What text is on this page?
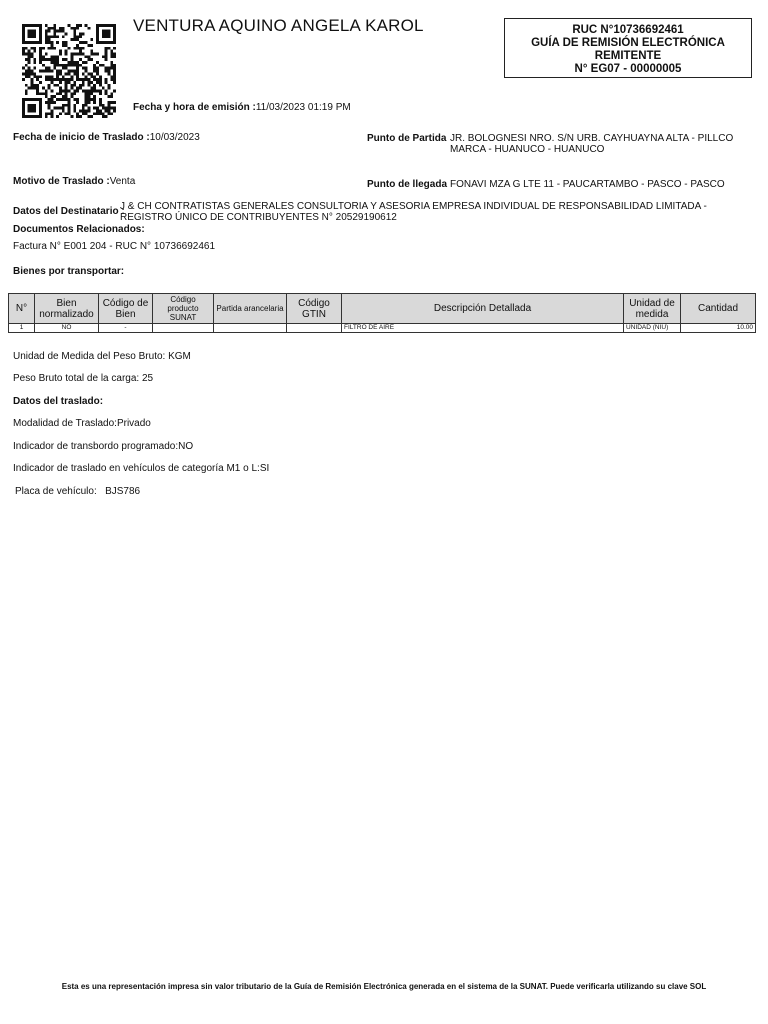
VENTURA AQUINO ANGELA KAROL	RUC N°10736692461
GUÍA DE REMISIÓN ELECTRÓNICA
REMITENTE
N° EG07 - 00000005
Fecha y hora de emisión :11/03/2023 01:19 PM
Fecha de inicio de Traslado :10/03/2023	Punto de Partida JR. BOLOGNESI NRO. S/N URB. CAYHUAYNA ALTA - PILLCO MARCA - HUANUCO - HUANUCO
Motivo de Traslado :Venta	Punto de llegada FONAVI MZA G LTE 11 - PAUCARTAMBO - PASCO - PASCO
Datos del Destinatario :
J & CH CONTRATISTAS GENERALES CONSULTORIA Y ASESORIA EMPRESA INDIVIDUAL DE RESPONSABILIDAD LIMITADA - REGISTRO ÚNICO DE CONTRIBUYENTES N° 20529190612
Documentos Relacionados:
Factura N° E001 204 - RUC N° 10736692461
Bienes por transportar:
N°	Bien normalizado	Código de Bien	Código producto SUNAT	Partida arancelaria	Código GTIN	Descripción Detallada	Unidad de medida	Cantidad
1	NO	-				FILTRO DE AIRE	UNIDAD (NIU)	10.00
Unidad de Medida del Peso Bruto: KGM
Peso Bruto total de la carga: 25
Datos del traslado:
Modalidad de Traslado:Privado
Indicador de transbordo programado:NO
Indicador de traslado en vehículos de categoría M1 o L:SI
Placa de vehículo: BJS786
Esta es una representación impresa sin valor tributario de la Guía de Remisión Electrónica generada en el sistema de la SUNAT. Puede verificarla utilizando su clave SOL
